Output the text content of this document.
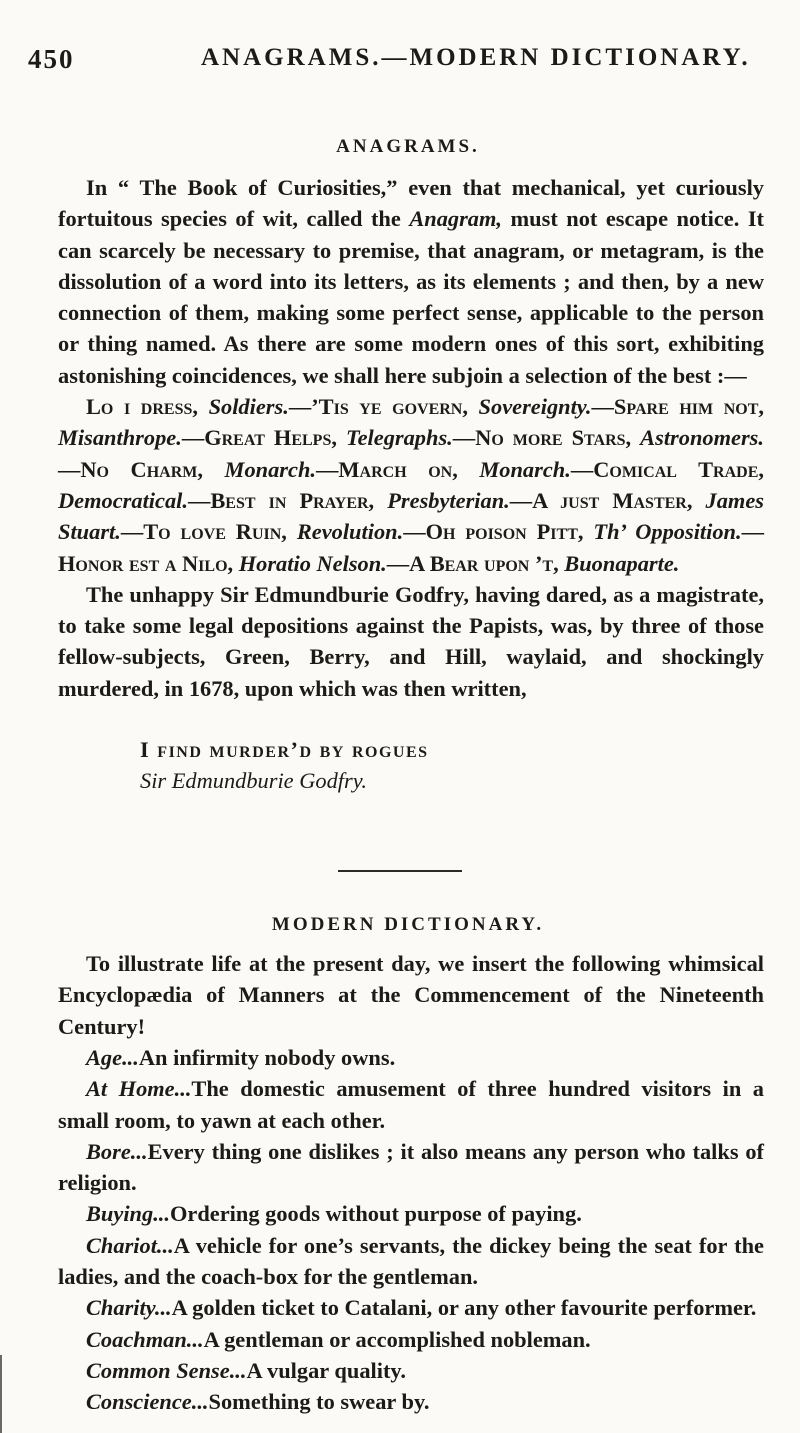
450	ANAGRAMS.—MODERN DICTIONARY.
ANAGRAMS.

In “ The Book of Curiosities,” even that mechanical, yet curiously fortuitous species of wit, called the Anagram, must not escape notice. It can scarcely be necessary to premise, that anagram, or metagram, is the dissolution of a word into its letters, as its elements ; and then, by a new connection of them, making some perfect sense, applicable to the person or thing named. As there are some modern ones of this sort, exhibiting astonishing coincidences, we shall here subjoin a selection of the best :—

Lo i dress, Soldiers.—’Tis ye govern, Sovereignty.—Spare him not, Misanthrope.—Great Helps, Telegraphs.—No more Stars, Astronomers.—No Charm, Monarch.—March on, Monarch.—Comical Trade, Democratical.—Best in Prayer, Presbyterian.—A just Master, James Stuart.—To love Ruin, Revolution.—Oh poison Pitt, Th’ Opposition.—Honor est a Nilo, Horatio Nelson.—A Bear upon ’t, Buonaparte.

The unhappy Sir Edmundburie Godfry, having dared, as a magistrate, to take some legal depositions against the Papists, was, by three of those fellow-subjects, Green, Berry, and Hill, waylaid, and shockingly murdered, in 1678, upon which was then written,

I find murder’d by rogues
Sir Edmundburie Godfry.
MODERN DICTIONARY.

To illustrate life at the present day, we insert the following whimsical Encyclopædia of Manners at the Commencement of the Nineteenth Century!

Age...An infirmity nobody owns.

At Home...The domestic amusement of three hundred visitors in a small room, to yawn at each other.

Bore...Every thing one dislikes ; it also means any person who talks of religion.

Buying...Ordering goods without purpose of paying.

Chariot...A vehicle for one’s servants, the dickey being the seat for the ladies, and the coach-box for the gentleman.

Charity...A golden ticket to Catalani, or any other favourite performer.

Coachman...A gentleman or accomplished nobleman.

Common Sense...A vulgar quality.

Conscience...Something to swear by.
